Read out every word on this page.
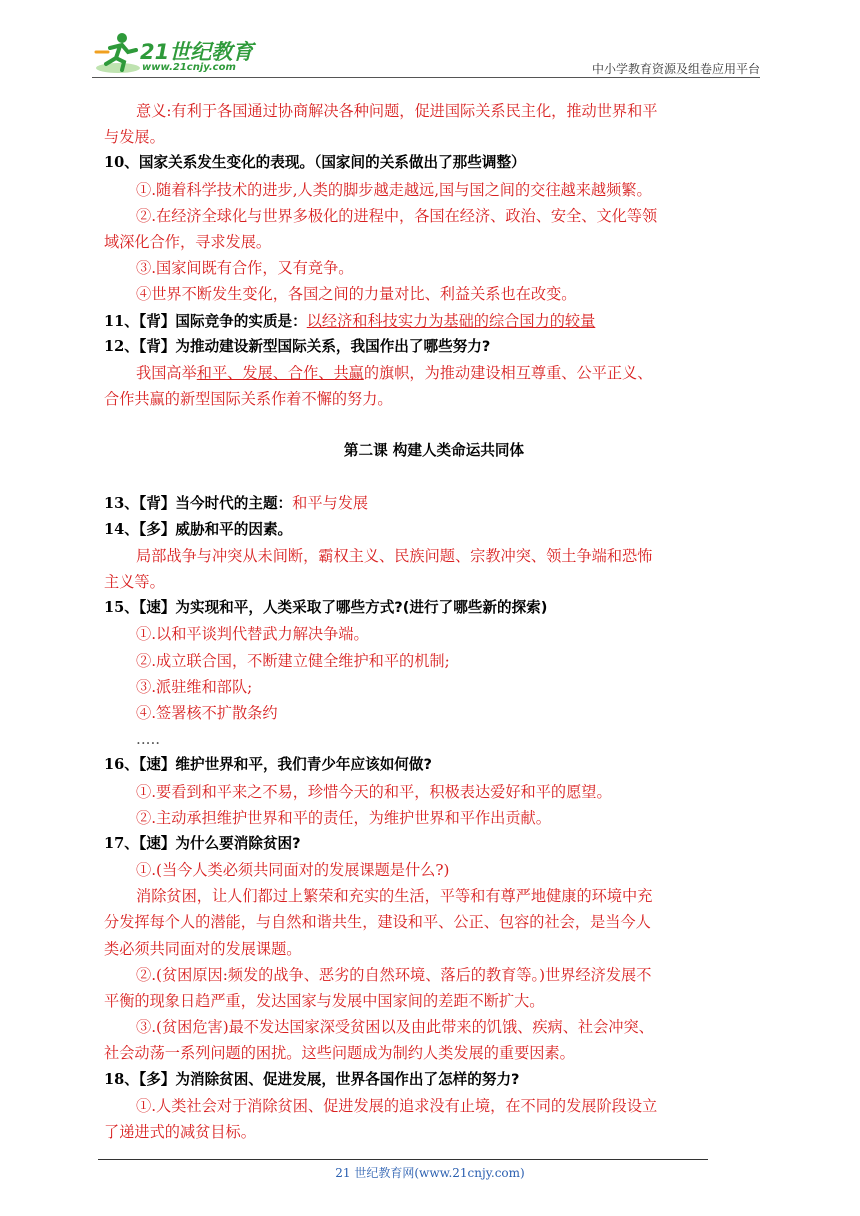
21世纪教育
www.21cnjy.com	中小学教育资源及组卷应用平台
意义:有利于各国通过协商解决各种问题，促进国际关系民主化，推动世界和平
与发展。
10、国家关系发生变化的表现。（国家间的关系做出了那些调整）
①.随着科学技术的进步,人类的脚步越走越远,国与国之间的交往越来越频繁。
②.在经济全球化与世界多极化的进程中，各国在经济、政治、安全、文化等领
域深化合作，寻求发展。
③.国家间既有合作，又有竞争。
④世界不断发生变化，各国之间的力量对比、利益关系也在改变。
11、【背】国际竞争的实质是：以经济和科技实力为基础的综合国力的较量
12、【背】为推动建设新型国际关系，我国作出了哪些努力?
我国高举和平、发展、合作、共赢的旗帜，为推动建设相互尊重、公平正义、
合作共赢的新型国际关系作着不懈的努力。
第二课 构建人类命运共同体
13、【背】当今时代的主题：和平与发展
14、【多】威胁和平的因素。
局部战争与冲突从未间断，霸权主义、民族问题、宗教冲突、领土争端和恐怖
主义等。
15、【速】为实现和平，人类采取了哪些方式?(进行了哪些新的探索)
①.以和平谈判代替武力解决争端。
②.成立联合国，不断建立健全维护和平的机制;
③.派驻维和部队;
④.签署核不扩散条约
.....
16、【速】维护世界和平，我们青少年应该如何做?
①.要看到和平来之不易，珍惜今天的和平，积极表达爱好和平的愿望。
②.主动承担维护世界和平的责任，为维护世界和平作出贡献。
17、【速】为什么要消除贫困?
①.(当今人类必须共同面对的发展课题是什么?)
消除贫困，让人们都过上繁荣和充实的生活，平等和有尊严地健康的环境中充
分发挥每个人的潜能，与自然和谐共生，建设和平、公正、包容的社会，是当今人
类必须共同面对的发展课题。
②.(贫困原因:频发的战争、恶劣的自然环境、落后的教育等。)世界经济发展不
平衡的现象日趋严重，发达国家与发展中国家间的差距不断扩大。
③.(贫困危害)最不发达国家深受贫困以及由此带来的饥饿、疾病、社会冲突、
社会动荡一系列问题的困扰。这些问题成为制约人类发展的重要因素。
18、【多】为消除贫困、促进发展，世界各国作出了怎样的努力?
①.人类社会对于消除贫困、促进发展的追求没有止境，在不同的发展阶段设立
了递进式的减贫目标。
21 世纪教育网(www.21cnjy.com)
